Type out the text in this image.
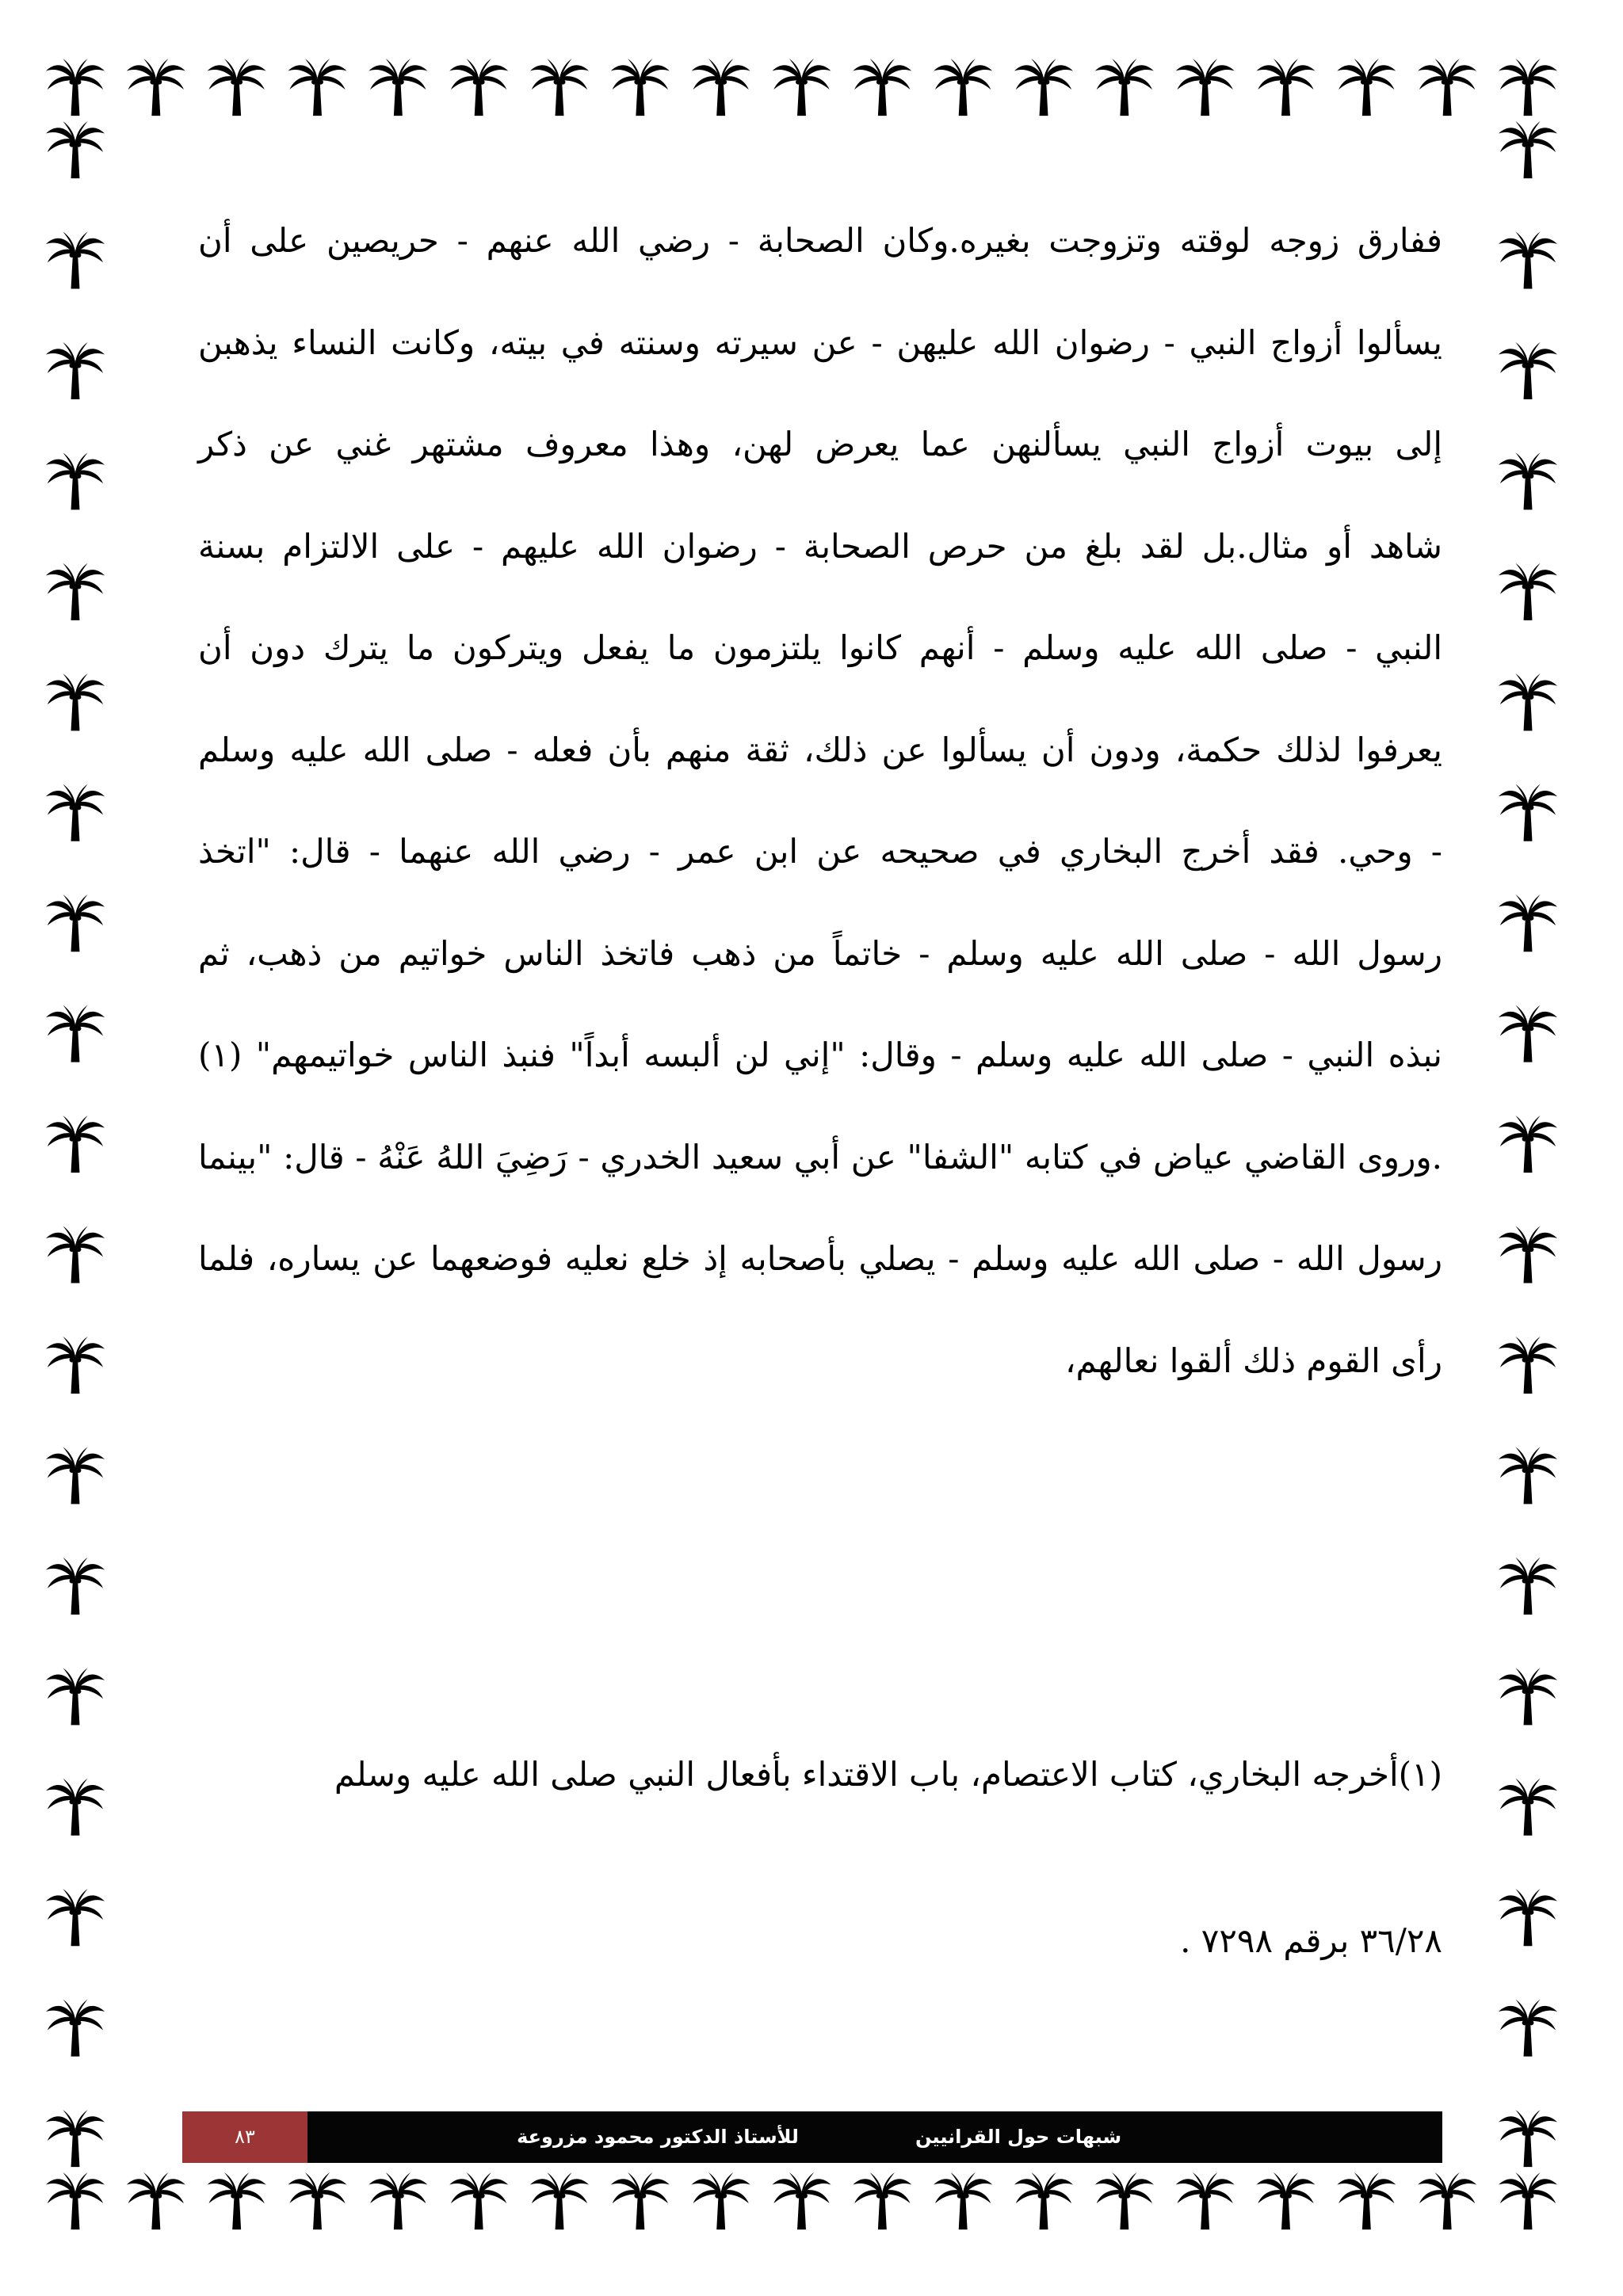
ففارق زوجه لوقته وتزوجت بغيره.وكان الصحابة - رضي الله عنهم - حريصين على أن
يسألوا أزواج النبي - رضوان الله عليهن - عن سيرته وسنته في بيته، وكانت النساء يذهبن
إلى بيوت أزواج النبي يسألنهن عما يعرض لهن، وهذا معروف مشتهر غني عن ذكر
شاهد أو مثال.بل لقد بلغ من حرص الصحابة - رضوان الله عليهم - على الالتزام بسنة
النبي - صلى الله عليه وسلم - أنهم كانوا يلتزمون ما يفعل ويتركون ما يترك دون أن
يعرفوا لذلك حكمة، ودون أن يسألوا عن ذلك، ثقة منهم بأن فعله - صلى الله عليه وسلم
- وحي. فقد أخرج البخاري في صحيحه عن ابن عمر - رضي الله عنهما - قال: "اتخذ
رسول الله - صلى الله عليه وسلم - خاتماً من ذهب فاتخذ الناس خواتيم من ذهب، ثم
نبذه النبي - صلى الله عليه وسلم - وقال: "إني لن ألبسه أبداً" فنبذ الناس خواتيمهم" (١)
.وروى القاضي عياض في كتابه "الشفا" عن أبي سعيد الخدري - رَضِيَ اللهُ عَنْهُ - قال: "بينما
رسول الله - صلى الله عليه وسلم - يصلي بأصحابه إذ خلع نعليه فوضعهما عن يساره، فلما
رأى القوم ذلك ألقوا نعالهم،
(١)أخرجه البخاري، كتاب الاعتصام، باب الاقتداء بأفعال النبي صلى الله عليه وسلم
٣٦/٢٨ برقم ٧٢٩٨ .
٨٣	للأستاذ الدكتور محمود مزروعة	شبهات حول القرانيين
